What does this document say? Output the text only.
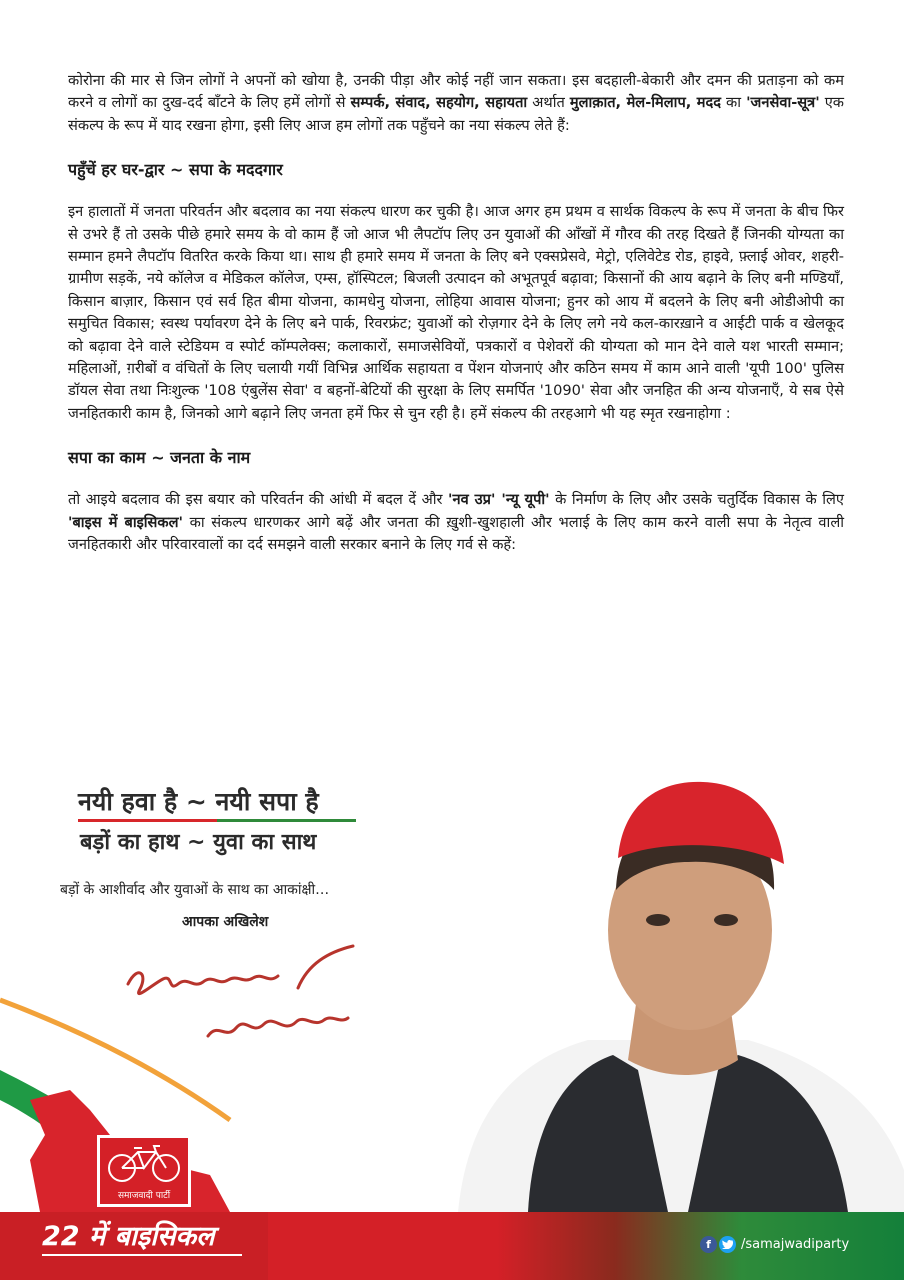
कोरोना की मार से जिन लोगों ने अपनों को खोया है, उनकी पीड़ा और कोई नहीं जान सकता। इस बदहाली-बेकारी और दमन की प्रताड़ना को कम करने व लोगों का दुख-दर्द बाँटने के लिए हमें लोगों से सम्पर्क, संवाद, सहयोग, सहायता अर्थात मुलाक़ात, मेल-मिलाप, मदद का 'जनसेवा-सूत्र' एक संकल्प के रूप में याद रखना होगा, इसी लिए आज हम लोगों तक पहुँचने का नया संकल्प लेते हैं:

पहुँचें हर घर-द्वार ~ सपा के मददगार

इन हालातों में जनता परिवर्तन और बदलाव का नया संकल्प धारण कर चुकी है। आज अगर हम प्रथम व सार्थक विकल्प के रूप में जनता के बीच फिर से उभरे हैं तो उसके पीछे हमारे समय के वो काम हैं जो आज भी लैपटॉप लिए उन युवाओं की आँखों में गौरव की तरह दिखते हैं जिनकी योग्यता का सम्मान हमने लैपटॉप वितरित करके किया था। साथ ही हमारे समय में जनता के लिए बने एक्सप्रेसवे, मेट्रो, एलिवेटेड रोड, हाइवे, फ़्लाई ओवर, शहरी-ग्रामीण सड़कें, नये कॉलेज व मेडिकल कॉलेज, एम्स, हॉस्पिटल; बिजली उत्पादन को अभूतपूर्व बढ़ावा; किसानों की आय बढ़ाने के लिए बनी मण्डियाँ, किसान बाज़ार, किसान एवं सर्व हित बीमा योजना, कामधेनु योजना, लोहिया आवास योजना; हुनर को आय में बदलने के लिए बनी ओडीओपी का समुचित विकास; स्वस्थ पर्यावरण देने के लिए बने पार्क, रिवरफ्रंट; युवाओं को रोज़गार देने के लिए लगे नये कल-कारख़ाने व आईटी पार्क व खेलकूद को बढ़ावा देने वाले स्टेडियम व स्पोर्ट कॉम्पलेक्स; कलाकारों, समाजसेवियों, पत्रकारों व पेशेवरों की योग्यता को मान देने वाले यश भारती सम्मान; महिलाओं, ग़रीबों व वंचितों के लिए चलायी गयीं विभिन्न आर्थिक सहायता व पेंशन योजनाएं और कठिन समय में काम आने वाली 'यूपी 100' पुलिस डॉयल सेवा तथा निःशुल्क '108 एंबुलेंस सेवा' व बहनों-बेटियों की सुरक्षा के लिए समर्पित '1090' सेवा और जनहित की अन्य योजनाएँ, ये सब ऐसे जनहितकारी काम है, जिनको आगे बढ़ाने लिए जनता हमें फिर से चुन रही है। हमें संकल्प की तरहआगे भी यह स्मृत रखनाहोगा :

सपा का काम ~ जनता के नाम

तो आइये बदलाव की इस बयार को परिवर्तन की आंधी में बदल दें और 'नव उप्र' 'न्यू यूपी' के निर्माण के लिए और उसके चतुर्दिक विकास के लिए 'बाइस में बाइसिकल' का संकल्प धारणकर आगे बढ़ें और जनता की ख़ुशी-खुशहाली और भलाई के लिए काम करने वाली सपा के नेतृत्व वाली जनहितकारी और परिवारवालों का दर्द समझने वाली सरकार बनाने के लिए गर्व से कहें:

नयी हवा है ~ नयी सपा है
बड़ों का हाथ ~ युवा का साथ
बड़ों के आशीर्वाद और युवाओं के साथ का आकांक्षी…
आपका अखिलेश
समाजवादी पार्टी
22 में बाइसिकल	f	/samajwadiparty
